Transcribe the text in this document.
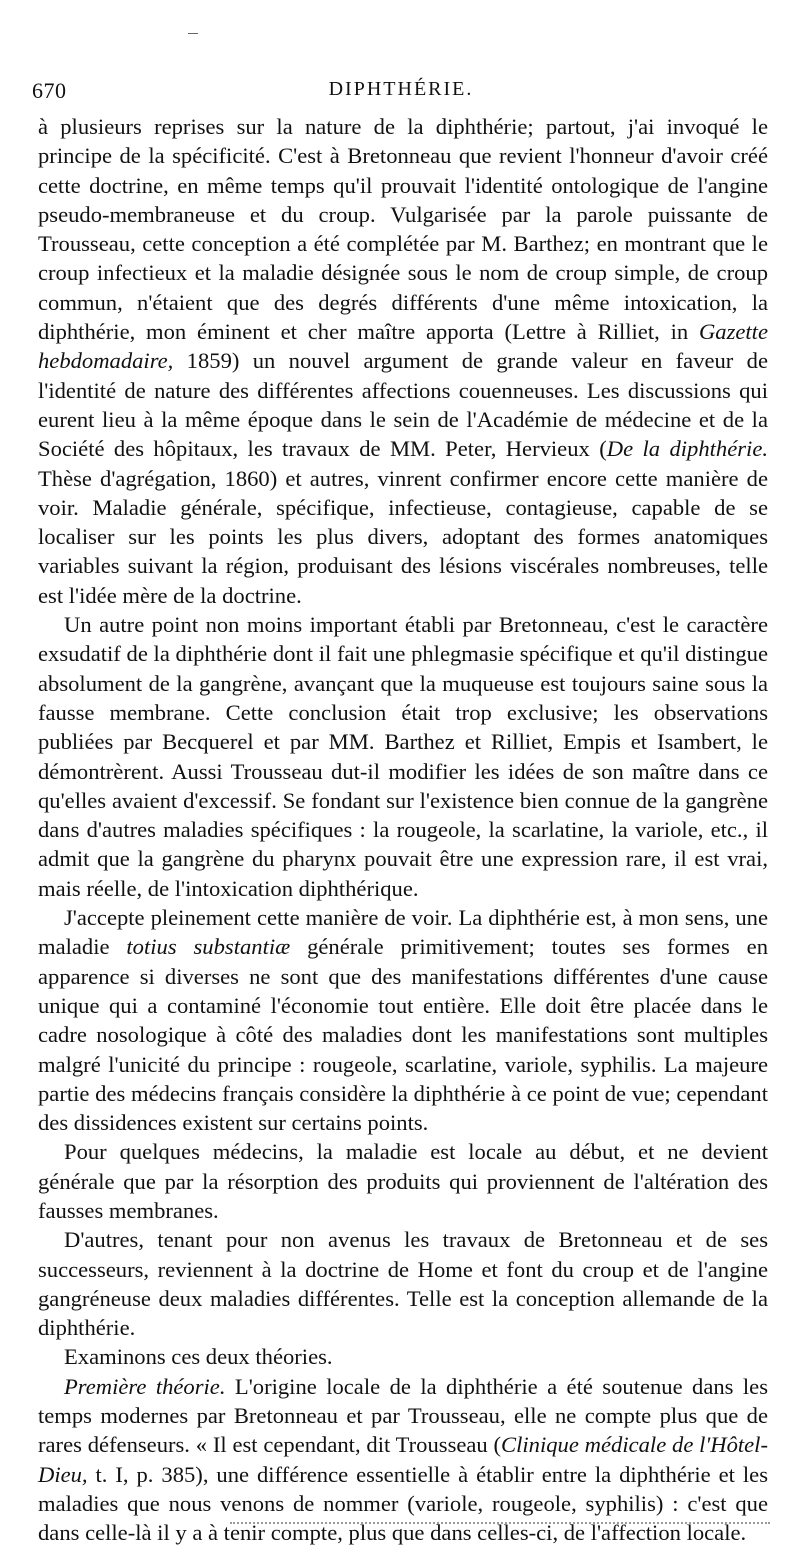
670	DIPHTHÉRIE.

à plusieurs reprises sur la nature de la diphthérie; partout, j'ai invoqué le principe de la spécificité. C'est à Bretonneau que revient l'honneur d'avoir créé cette doctrine, en même temps qu'il prouvait l'identité ontologique de l'angine pseudo-membraneuse et du croup. Vulgarisée par la parole puissante de Trousseau, cette conception a été complétée par M. Barthez; en montrant que le croup infectieux et la maladie désignée sous le nom de croup simple, de croup commun, n'étaient que des degrés différents d'une même intoxication, la diphthérie, mon éminent et cher maître apporta (Lettre à Rilliet, in Gazette hebdomadaire, 1859) un nouvel argument de grande valeur en faveur de l'identité de nature des différentes affections couenneuses. Les discussions qui eurent lieu à la même époque dans le sein de l'Académie de médecine et de la Société des hôpitaux, les travaux de MM. Peter, Hervieux (De la diphthérie. Thèse d'agrégation, 1860) et autres, vinrent confirmer encore cette manière de voir. Maladie générale, spécifique, infectieuse, contagieuse, capable de se localiser sur les points les plus divers, adoptant des formes anatomiques variables suivant la région, produisant des lésions viscérales nombreuses, telle est l'idée mère de la doctrine.

Un autre point non moins important établi par Bretonneau, c'est le caractère exsudatif de la diphthérie dont il fait une phlegmasie spécifique et qu'il distingue absolument de la gangrène, avançant que la muqueuse est toujours saine sous la fausse membrane. Cette conclusion était trop exclusive; les observations publiées par Becquerel et par MM. Barthez et Rilliet, Empis et Isambert, le démontrèrent. Aussi Trousseau dut-il modifier les idées de son maître dans ce qu'elles avaient d'excessif. Se fondant sur l'existence bien connue de la gangrène dans d'autres maladies spécifiques : la rougeole, la scarlatine, la variole, etc., il admit que la gangrène du pharynx pouvait être une expression rare, il est vrai, mais réelle, de l'intoxication diphthérique.

J'accepte pleinement cette manière de voir. La diphthérie est, à mon sens, une maladie totius substantiæ générale primitivement; toutes ses formes en apparence si diverses ne sont que des manifestations différentes d'une cause unique qui a contaminé l'économie tout entière. Elle doit être placée dans le cadre nosologique à côté des maladies dont les manifestations sont multiples malgré l'unicité du principe : rougeole, scarlatine, variole, syphilis. La majeure partie des médecins français considère la diphthérie à ce point de vue; cependant des dissidences existent sur certains points.

Pour quelques médecins, la maladie est locale au début, et ne devient générale que par la résorption des produits qui proviennent de l'altération des fausses membranes.

D'autres, tenant pour non avenus les travaux de Bretonneau et de ses successeurs, reviennent à la doctrine de Home et font du croup et de l'angine gangréneuse deux maladies différentes. Telle est la conception allemande de la diphthérie.

Examinons ces deux théories.

Première théorie. L'origine locale de la diphthérie a été soutenue dans les temps modernes par Bretonneau et par Trousseau, elle ne compte plus que de rares défenseurs. « Il est cependant, dit Trousseau (Clinique médicale de l'Hôtel-Dieu, t. I, p. 385), une différence essentielle à établir entre la diphthérie et les maladies que nous venons de nommer (variole, rougeole, syphilis) : c'est que dans celle-là il y a à tenir compte, plus que dans celles-ci, de l'affection locale.
